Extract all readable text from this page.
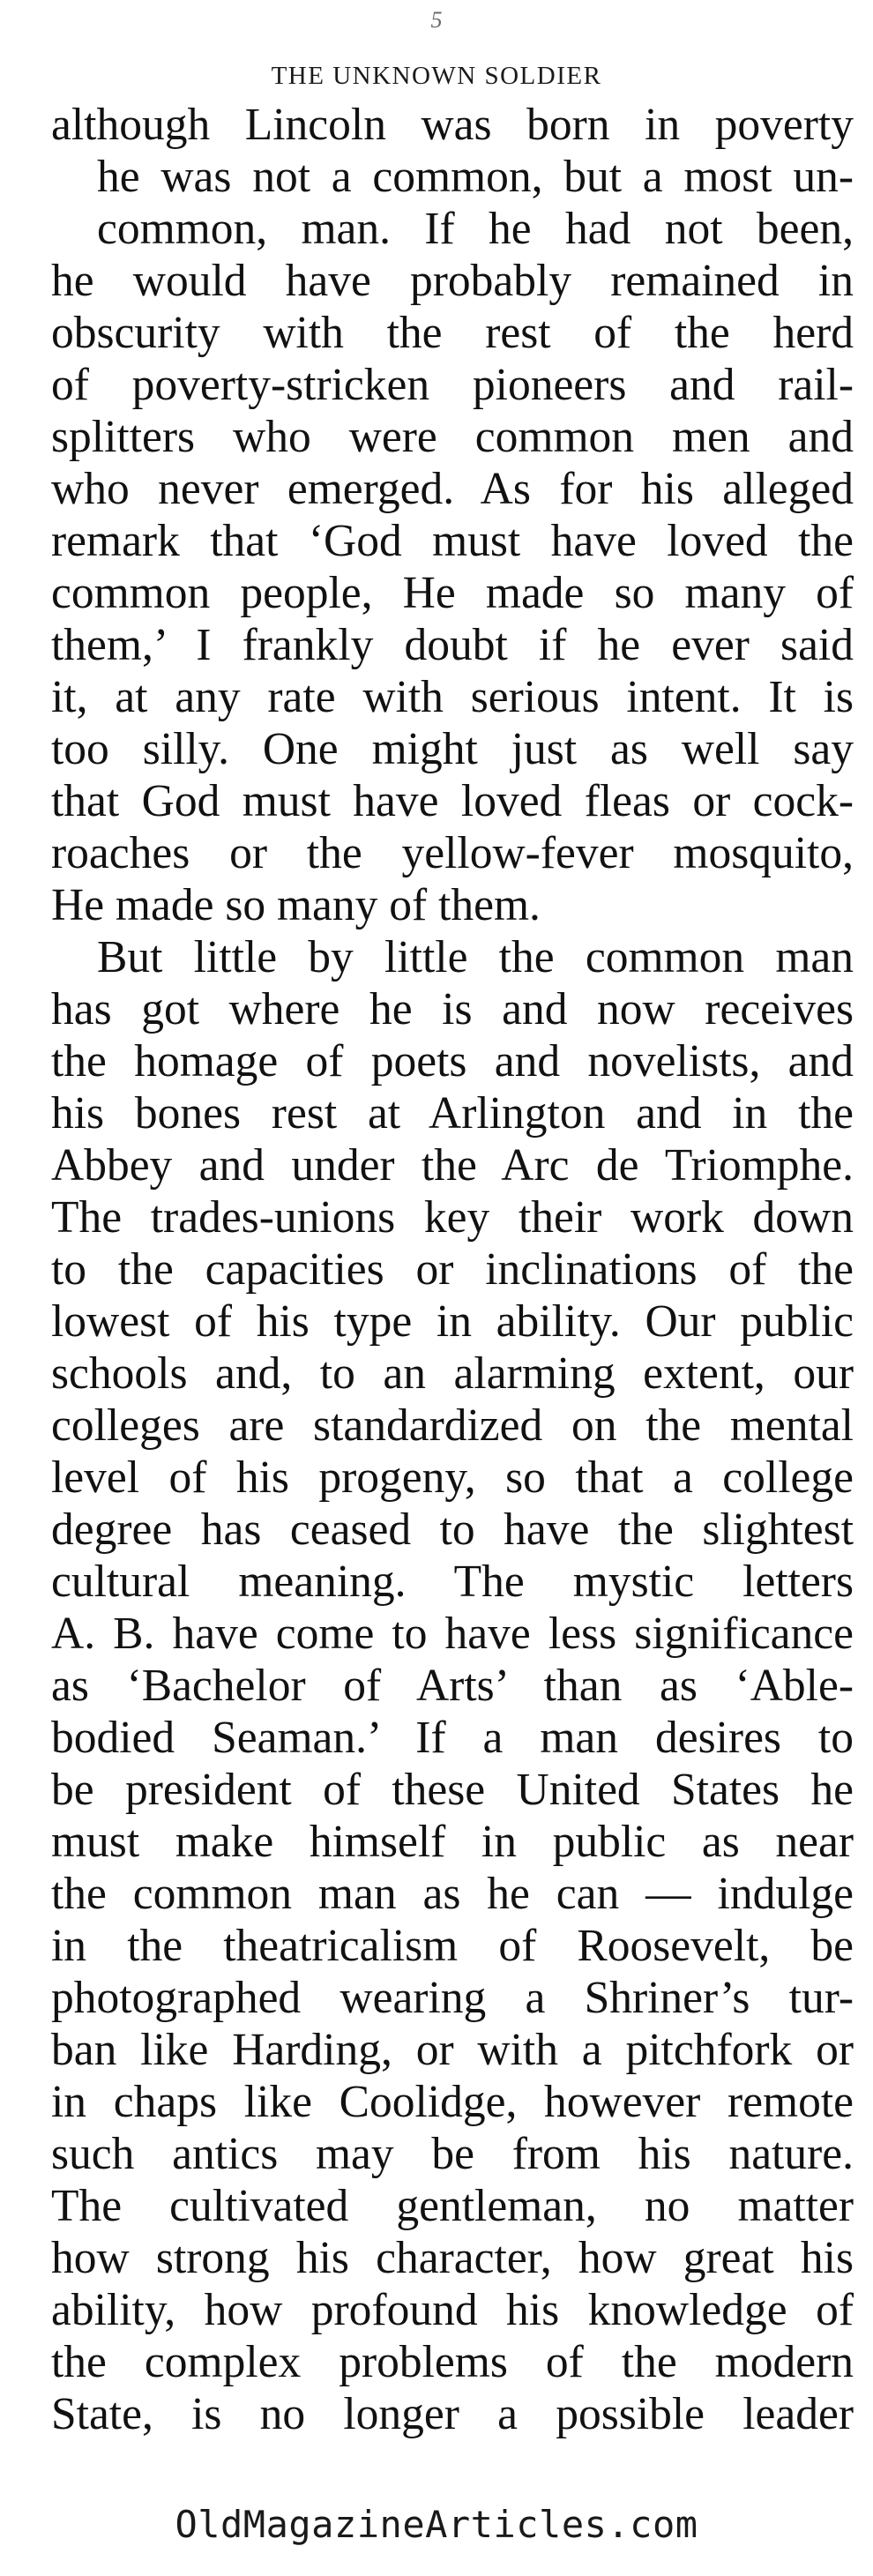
5
THE UNKNOWN SOLDIER
although Lincoln was born in poverty
he was not a common, but a most un-
common, man. If he had not been,
he would have probably remained in
obscurity with the rest of the herd
of poverty-stricken pioneers and rail-
splitters who were common men and
who never emerged. As for his alleged
remark that ‘God must have loved the
common people, He made so many of
them,’ I frankly doubt if he ever said
it, at any rate with serious intent. It is
too silly. One might just as well say
that God must have loved fleas or cock-
roaches or the yellow-fever mosquito,
He made so many of them.
But little by little the common man
has got where he is and now receives
the homage of poets and novelists, and
his bones rest at Arlington and in the
Abbey and under the Arc de Triomphe.
The trades-unions key their work down
to the capacities or inclinations of the
lowest of his type in ability. Our public
schools and, to an alarming extent, our
colleges are standardized on the mental
level of his progeny, so that a college
degree has ceased to have the slightest
cultural meaning. The mystic letters
A. B. have come to have less significance
as ‘Bachelor of Arts’ than as ‘Able-
bodied Seaman.’ If a man desires to
be president of these United States he
must make himself in public as near
the common man as he can — indulge
in the theatricalism of Roosevelt, be
photographed wearing a Shriner’s tur-
ban like Harding, or with a pitchfork or
in chaps like Coolidge, however remote
such antics may be from his nature.
The cultivated gentleman, no matter
how strong his character, how great his
ability, how profound his knowledge of
the complex problems of the modern
State, is no longer a possible leader
OldMagazineArticles.com
